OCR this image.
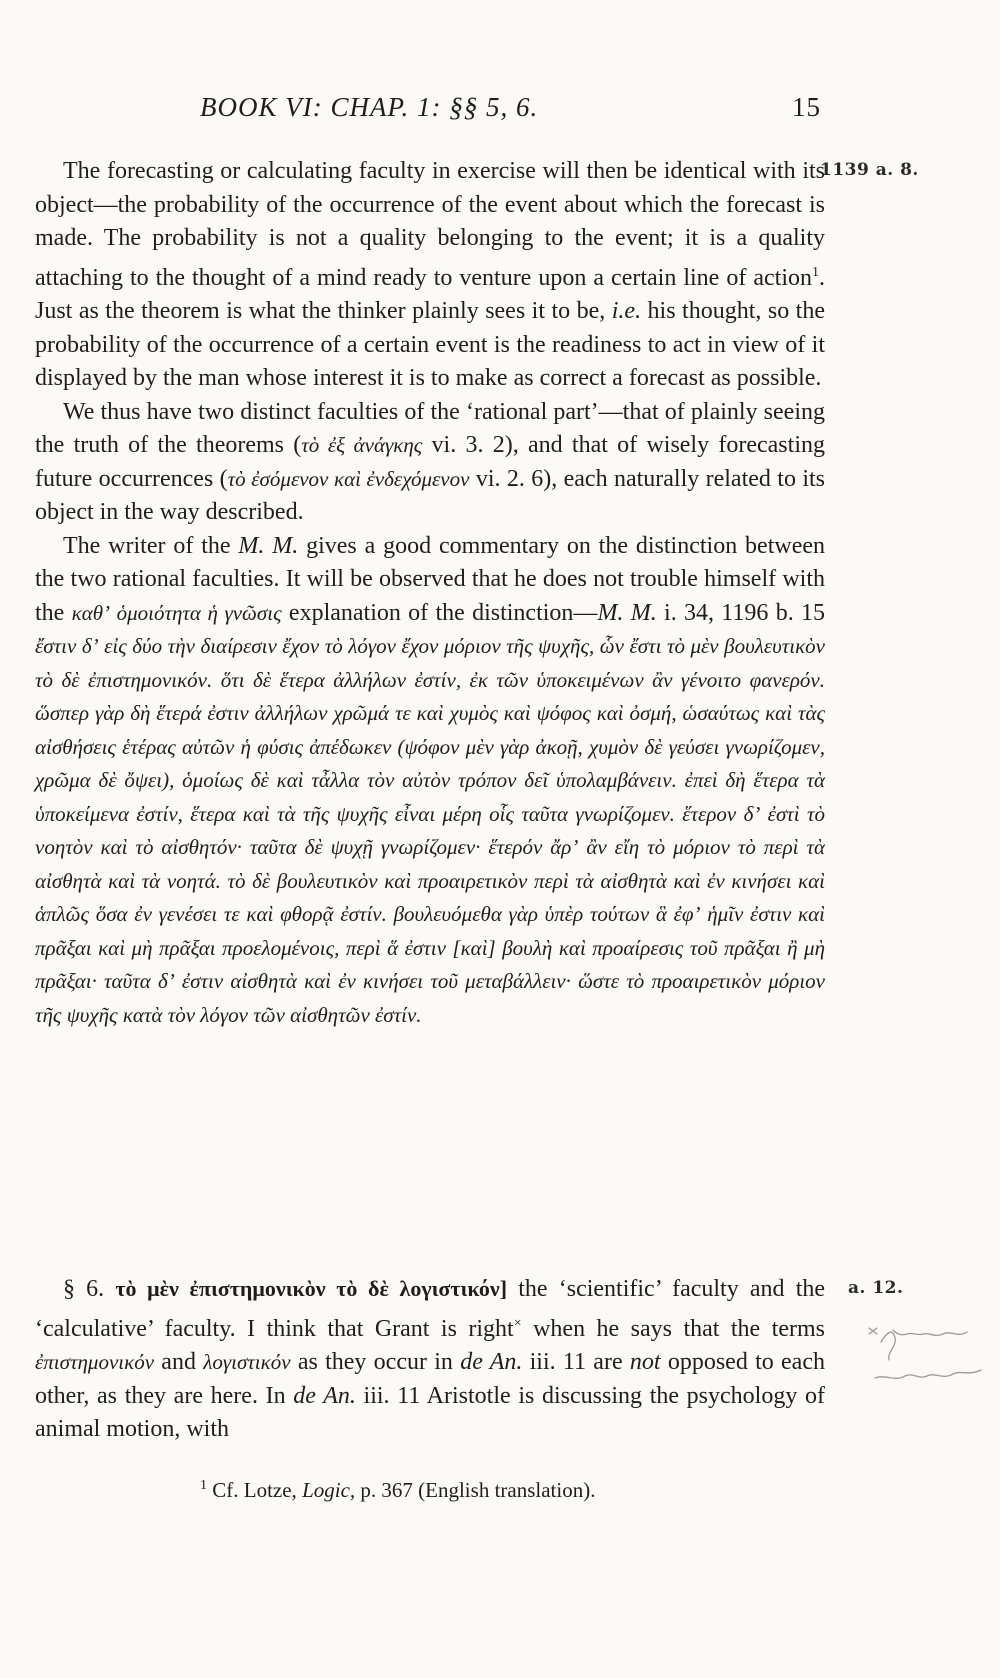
BOOK VI: CHAP. 1: §§ 5, 6.	15
1139 a. 8.

The forecasting or calculating faculty in exercise will then be identical with its object—the probability of the occurrence of the event about which the forecast is made. The probability is not a quality belonging to the event; it is a quality attaching to the thought of a mind ready to venture upon a certain line of action$^1$. Just as the theorem is what the thinker plainly sees it to be, i.e. his thought, so the probability of the occurrence of a certain event is the readiness to act in view of it displayed by the man whose interest it is to make as correct a forecast as possible.

We thus have two distinct faculties of the ‘rational part’—that of plainly seeing the truth of the theorems (τὸ ἐξ ἀνάγκης vi. 3. 2), and that of wisely forecasting future occurrences (τὸ ἐσόμενον καὶ ἐνδεχόμενον vi. 2. 6), each naturally related to its object in the way described.

The writer of the M. M. gives a good commentary on the distinction between the two rational faculties. It will be observed that he does not trouble himself with the καθʼ ὁμοιότητα ἡ γνῶσις explanation of the distinction—M. M. i. 34, 1196 b. 15 ἔστιν δʼ εἰς δύο τὴν διαίρεσιν ἔχον τὸ λόγον ἔχον μόριον τῆς ψυχῆς, ὧν ἔστι τὸ μὲν βουλευτικὸν τὸ δὲ ἐπιστημονικόν. ὅτι δὲ ἕτερα ἀλλήλων ἐστίν, ἐκ τῶν ὑποκειμένων ἂν γένοιτο φανερόν. ὥσπερ γὰρ δὴ ἕτερά ἐστιν ἀλλήλων χρῶμά τε καὶ χυμὸς καὶ ψόφος καὶ ὀσμή, ὡσαύτως καὶ τὰς αἰσθήσεις ἑτέρας αὐτῶν ἡ φύσις ἀπέδωκεν (ψόφον μὲν γὰρ ἀκοῇ, χυμὸν δὲ γεύσει γνωρίζομεν, χρῶμα δὲ ὄψει), ὁμοίως δὲ καὶ τἆλλα τὸν αὐτὸν τρόπον δεῖ ὑπολαμβάνειν. ἐπεὶ δὴ ἕτερα τὰ ὑποκείμενα ἐστίν, ἕτερα καὶ τὰ τῆς ψυχῆς εἶναι μέρη οἷς ταῦτα γνωρίζομεν. ἕτερον δʼ ἐστὶ τὸ νοητὸν καὶ τὸ αἰσθητόν· ταῦτα δὲ ψυχῇ γνωρίζομεν· ἕτερόν ἄρʼ ἂν εἴη τὸ μόριον τὸ περὶ τὰ αἰσθητὰ καὶ τὰ νοητά. τὸ δὲ βουλευτικὸν καὶ προαιρετικὸν περὶ τὰ αἰσθητὰ καὶ ἐν κινήσει καὶ ἁπλῶς ὅσα ἐν γενέσει τε καὶ φθορᾷ ἐστίν. βουλευόμεθα γὰρ ὑπὲρ τούτων ἃ ἐφʼ ἡμῖν ἐστιν καὶ πρᾶξαι καὶ μὴ πρᾶξαι προελομένοις, περὶ ἅ ἐστιν [καὶ] βουλὴ καὶ προαίρεσις τοῦ πρᾶξαι ἢ μὴ πρᾶξαι· ταῦτα δʼ ἐστιν αἰσθητὰ καὶ ἐν κινήσει τοῦ μεταβάλλειν· ὥστε τὸ προαιρετικὸν μόριον τῆς ψυχῆς κατὰ τὸν λόγον τῶν αἰσθητῶν ἐστίν.

a. 12.

§ 6. τὸ μὲν ἐπιστημονικὸν τὸ δὲ λογιστικόν] the ‘scientific’ faculty and the ‘calculative’ faculty. I think that Grant is right× when he says that the terms ἐπιστημονικόν and λογιστικόν as they occur in de An. iii. 11 are not opposed to each other, as they are here. In de An. iii. 11 Aristotle is discussing the psychology of animal motion, with

$^1$ Cf. Lotze, Logic, p. 367 (English translation).
